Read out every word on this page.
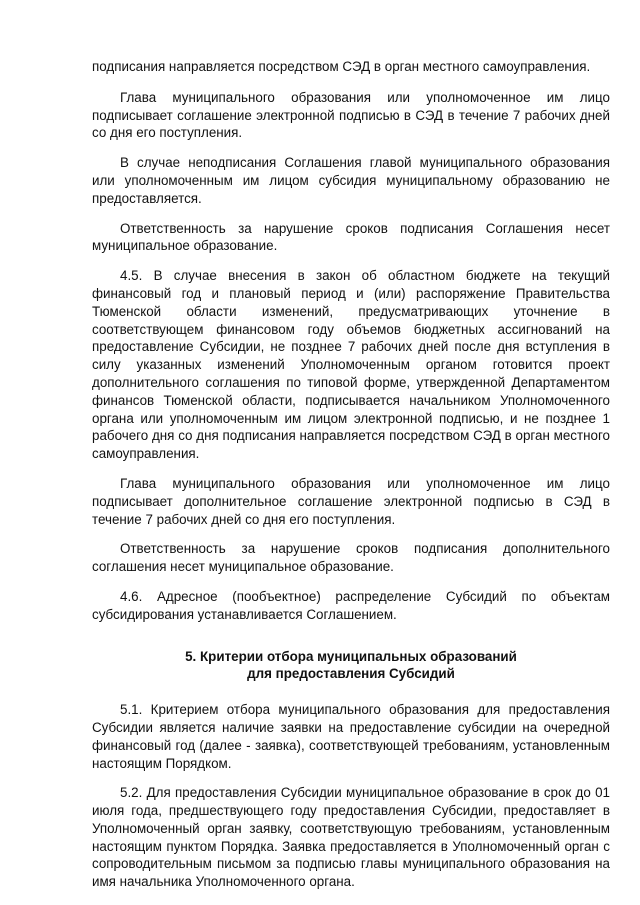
подписания направляется посредством СЭД в орган местного самоуправления.

Глава муниципального образования или уполномоченное им лицо подписывает соглашение электронной подписью в СЭД в течение 7 рабочих дней со дня его поступления.

В случае неподписания Соглашения главой муниципального образования или уполномоченным им лицом субсидия муниципальному образованию не предоставляется.

Ответственность за нарушение сроков подписания Соглашения несет муниципальное образование.

4.5. В случае внесения в закон об областном бюджете на текущий финансовый год и плановый период и (или) распоряжение Правительства Тюменской области изменений, предусматривающих уточнение в соответствующем финансовом году объемов бюджетных ассигнований на предоставление Субсидии, не позднее 7 рабочих дней после дня вступления в силу указанных изменений Уполномоченным органом готовится проект дополнительного соглашения по типовой форме, утвержденной Департаментом финансов Тюменской области, подписывается начальником Уполномоченного органа или уполномоченным им лицом электронной подписью, и не позднее 1 рабочего дня со дня подписания направляется посредством СЭД в орган местного самоуправления.

Глава муниципального образования или уполномоченное им лицо подписывает дополнительное соглашение электронной подписью в СЭД в течение 7 рабочих дней со дня его поступления.

Ответственность за нарушение сроков подписания дополнительного соглашения несет муниципальное образование.

4.6. Адресное (пообъектное) распределение Субсидий по объектам субсидирования устанавливается Соглашением.

5. Критерии отбора муниципальных образований
для предоставления Субсидий

5.1. Критерием отбора муниципального образования для предоставления Субсидии является наличие заявки на предоставление субсидии на очередной финансовый год (далее - заявка), соответствующей требованиям, установленным настоящим Порядком.

5.2. Для предоставления Субсидии муниципальное образование в срок до 01 июля года, предшествующего году предоставления Субсидии, предоставляет в Уполномоченный орган заявку, соответствующую требованиям, установленным настоящим пунктом Порядка. Заявка предоставляется в Уполномоченный орган с сопроводительным письмом за подписью главы муниципального образования на имя начальника Уполномоченного органа.
